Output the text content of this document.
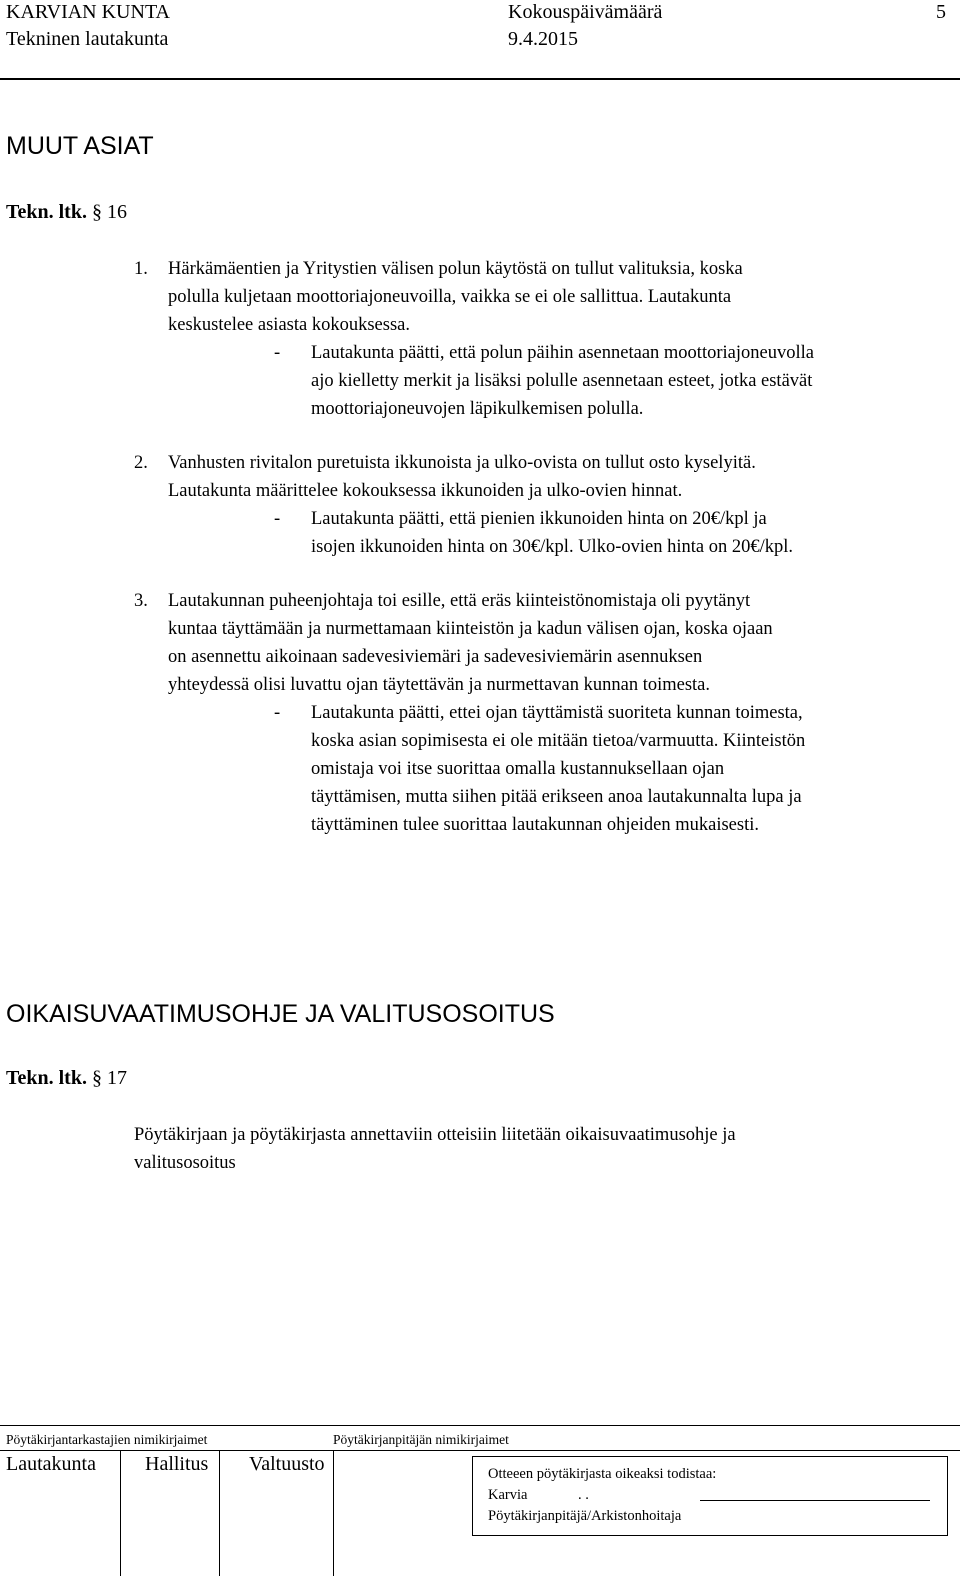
KARVIAN KUNTA
Tekninen lautakunta
Kokouspäivämäärä
9.4.2015
5
MUUT ASIAT
Tekn. ltk. § 16
1. Härkämäentien ja Yritystien välisen polun käytöstä on tullut valituksia, koska
polulla kuljetaan moottoriajoneuvoilla, vaikka se ei ole sallittua. Lautakunta
keskustelee asiasta kokouksessa.
- Lautakunta päätti, että polun päihin asennetaan moottoriajoneuvolla
ajo kielletty merkit ja lisäksi polulle asennetaan esteet, jotka estävät
moottoriajoneuvojen läpikulkemisen polulla.
2. Vanhusten rivitalon puretuista ikkunoista ja ulko-ovista on tullut osto kyselyitä.
Lautakunta määrittelee kokouksessa ikkunoiden ja ulko-ovien hinnat.
- Lautakunta päätti, että pienien ikkunoiden hinta on 20€/kpl ja
isojen ikkunoiden hinta on 30€/kpl. Ulko-ovien hinta on 20€/kpl.
3. Lautakunnan puheenjohtaja toi esille, että eräs kiinteistönomistaja oli pyytänyt
kuntaa täyttämään ja nurmettamaan kiinteistön ja kadun välisen ojan, koska ojaan
on asennettu aikoinaan sadevesiviemäri ja sadevesiviemärin asennuksen
yhteydessä olisi luvattu ojan täytettävän ja nurmettavan kunnan toimesta.
- Lautakunta päätti, ettei ojan täyttämistä suoriteta kunnan toimesta,
koska asian sopimisesta ei ole mitään tietoa/varmuutta. Kiinteistön
omistaja voi itse suorittaa omalla kustannuksellaan ojan
täyttämisen, mutta siihen pitää erikseen anoa lautakunnalta lupa ja
täyttäminen tulee suorittaa lautakunnan ohjeiden mukaisesti.
OIKAISUVAATIMUSOHJE JA VALITUSOSOITUS
Tekn. ltk. § 17
Pöytäkirjaan ja pöytäkirjasta annettaviin otteisiin liitetään oikaisuvaatimusohje ja
valitusosoitus
Pöytäkirjantarkastajien nimikirjaimet	Pöytäkirjanpitäjän nimikirjaimet
Lautakunta Hallitus Valtuusto	Otteeen pöytäkirjasta oikeaksi todistaa:
Karvia	. .
Pöytäkirjanpitäjä/Arkistonhoitaja
